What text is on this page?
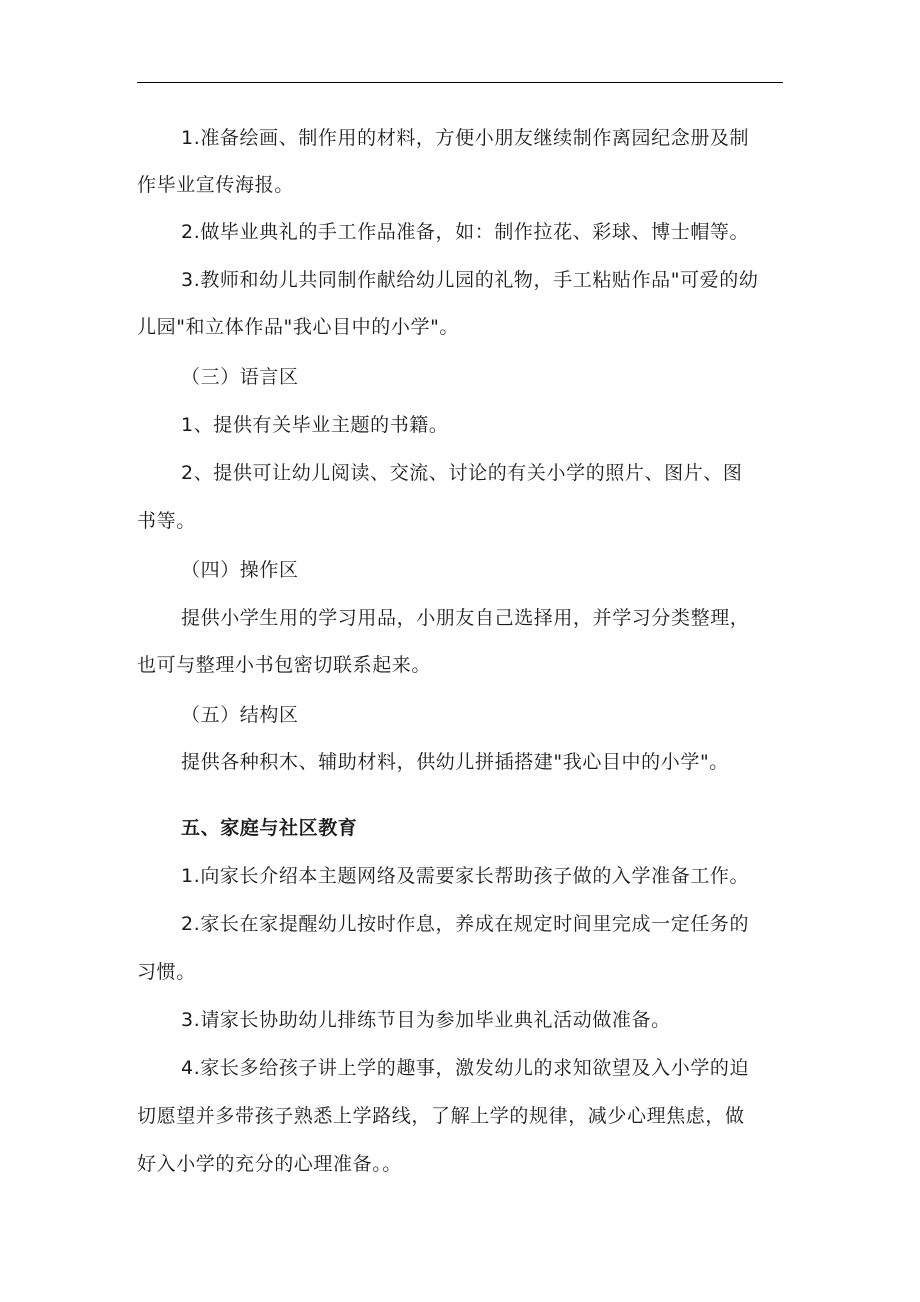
1.准备绘画、制作用的材料，方便小朋友继续制作离园纪念册及制
作毕业宣传海报。
2.做毕业典礼的手工作品准备，如：制作拉花、彩球、博士帽等。
3.教师和幼儿共同制作献给幼儿园的礼物，手工粘贴作品"可爱的幼
儿园"和立体作品"我心目中的小学"。
（三）语言区
1、提供有关毕业主题的书籍。
2、提供可让幼儿阅读、交流、讨论的有关小学的照片、图片、图
书等。
（四）操作区
提供小学生用的学习用品，小朋友自己选择用，并学习分类整理，
也可与整理小书包密切联系起来。
（五）结构区
提供各种积木、辅助材料，供幼儿拼插搭建"我心目中的小学"。
五、家庭与社区教育
1.向家长介绍本主题网络及需要家长帮助孩子做的入学准备工作。
2.家长在家提醒幼儿按时作息，养成在规定时间里完成一定任务的
习惯。
3.请家长协助幼儿排练节目为参加毕业典礼活动做准备。
4.家长多给孩子讲上学的趣事，激发幼儿的求知欲望及入小学的迫
切愿望并多带孩子熟悉上学路线，了解上学的规律，减少心理焦虑，做
好入小学的充分的心理准备。。
